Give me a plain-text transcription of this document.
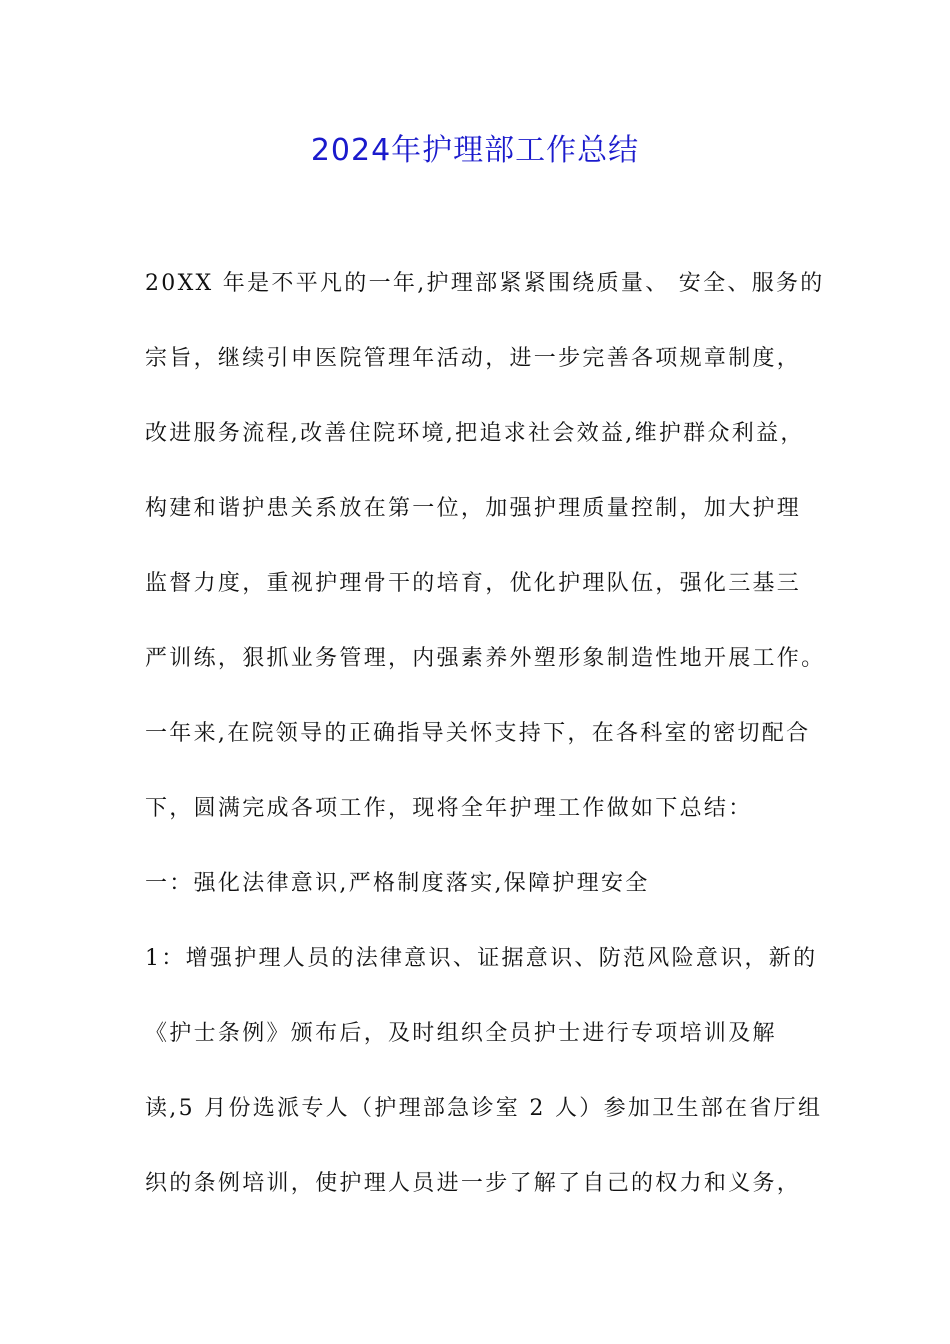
2024年护理部工作总结
20XX 年是不平凡的一年,护理部紧紧围绕质量、 安全、服务的
宗旨，继续引申医院管理年活动，进一步完善各项规章制度，
改进服务流程,改善住院环境,把追求社会效益,维护群众利益，
构建和谐护患关系放在第一位，加强护理质量控制，加大护理
监督力度，重视护理骨干的培育，优化护理队伍，强化三基三
严训练，狠抓业务管理，内强素养外塑形象制造性地开展工作。
一年来,在院领导的正确指导关怀支持下，在各科室的密切配合
下，圆满完成各项工作，现将全年护理工作做如下总结：
一：强化法律意识,严格制度落实,保障护理安全
1：增强护理人员的法律意识、证据意识、防范风险意识，新的
《护士条例》颁布后，及时组织全员护士进行专项培训及解
读,5 月份选派专人（护理部急诊室 2 人）参加卫生部在省厅组
织的条例培训，使护理人员进一步了解了自己的权力和义务，
